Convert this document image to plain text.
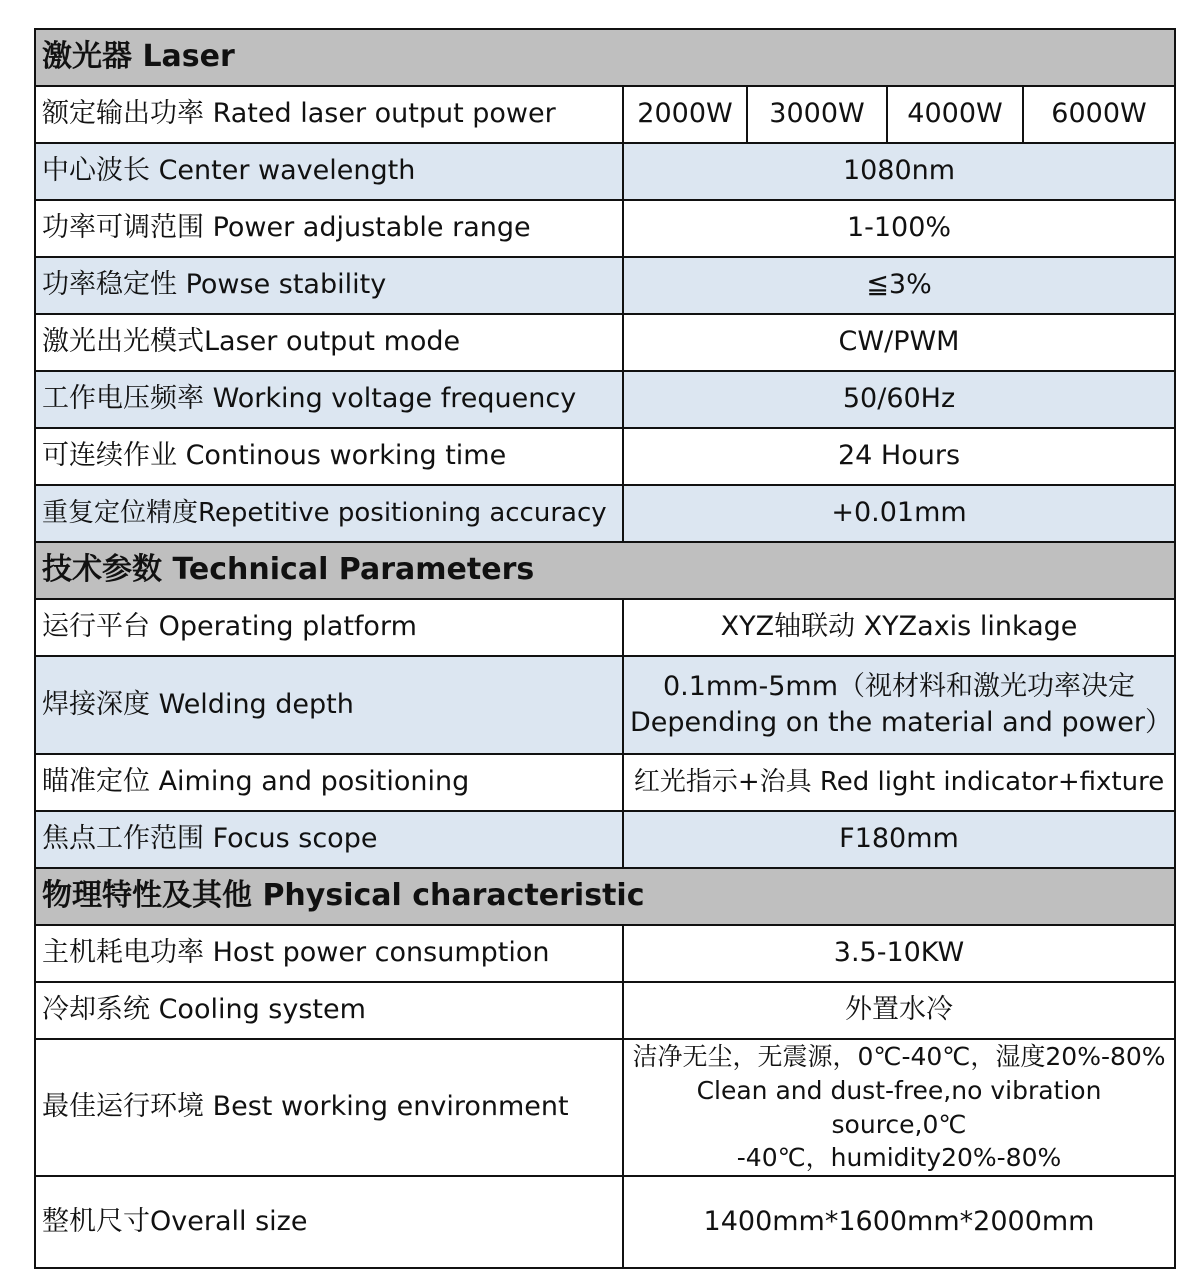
激光器 Laser				
额定输出功率 Rated laser output power	2000W	3000W	4000W	6000W
中心波长 Center wavelength	1080nm			
功率可调范围 Power adjustable range	1-100%			
功率稳定性 Powse stability	≦3%			
激光出光模式Laser output mode	CW/PWM			
工作电压频率 Working voltage frequency	50/60Hz			
可连续作业 Continous working time	24 Hours			
重复定位精度Repetitive positioning accuracy	+0.01mm			
技术参数 Technical Parameters				
运行平台 Operating platform	XYZ轴联动 XYZaxis linkage			
焊接深度 Welding depth	0.1mm-5mm（视材料和激光功率决定
Depending on the material and power）			

瞄准定位 Aiming and positioning	红光指示+治具 Red light indicator+fixture			
焦点工作范围 Focus scope	F180mm			
物理特性及其他 Physical characteristic				
主机耗电功率 Host power consumption	3.5-10KW			
冷却系统 Cooling system	外置水冷			
最佳运行环境 Best working environment	洁净无尘，无震源，0℃-40℃，湿度20%-80%
Clean and dust-free,no vibration source,0℃
-40℃，humidity20%-80%			

整机尺寸Overall size	1400mm*1600mm*2000mm			
